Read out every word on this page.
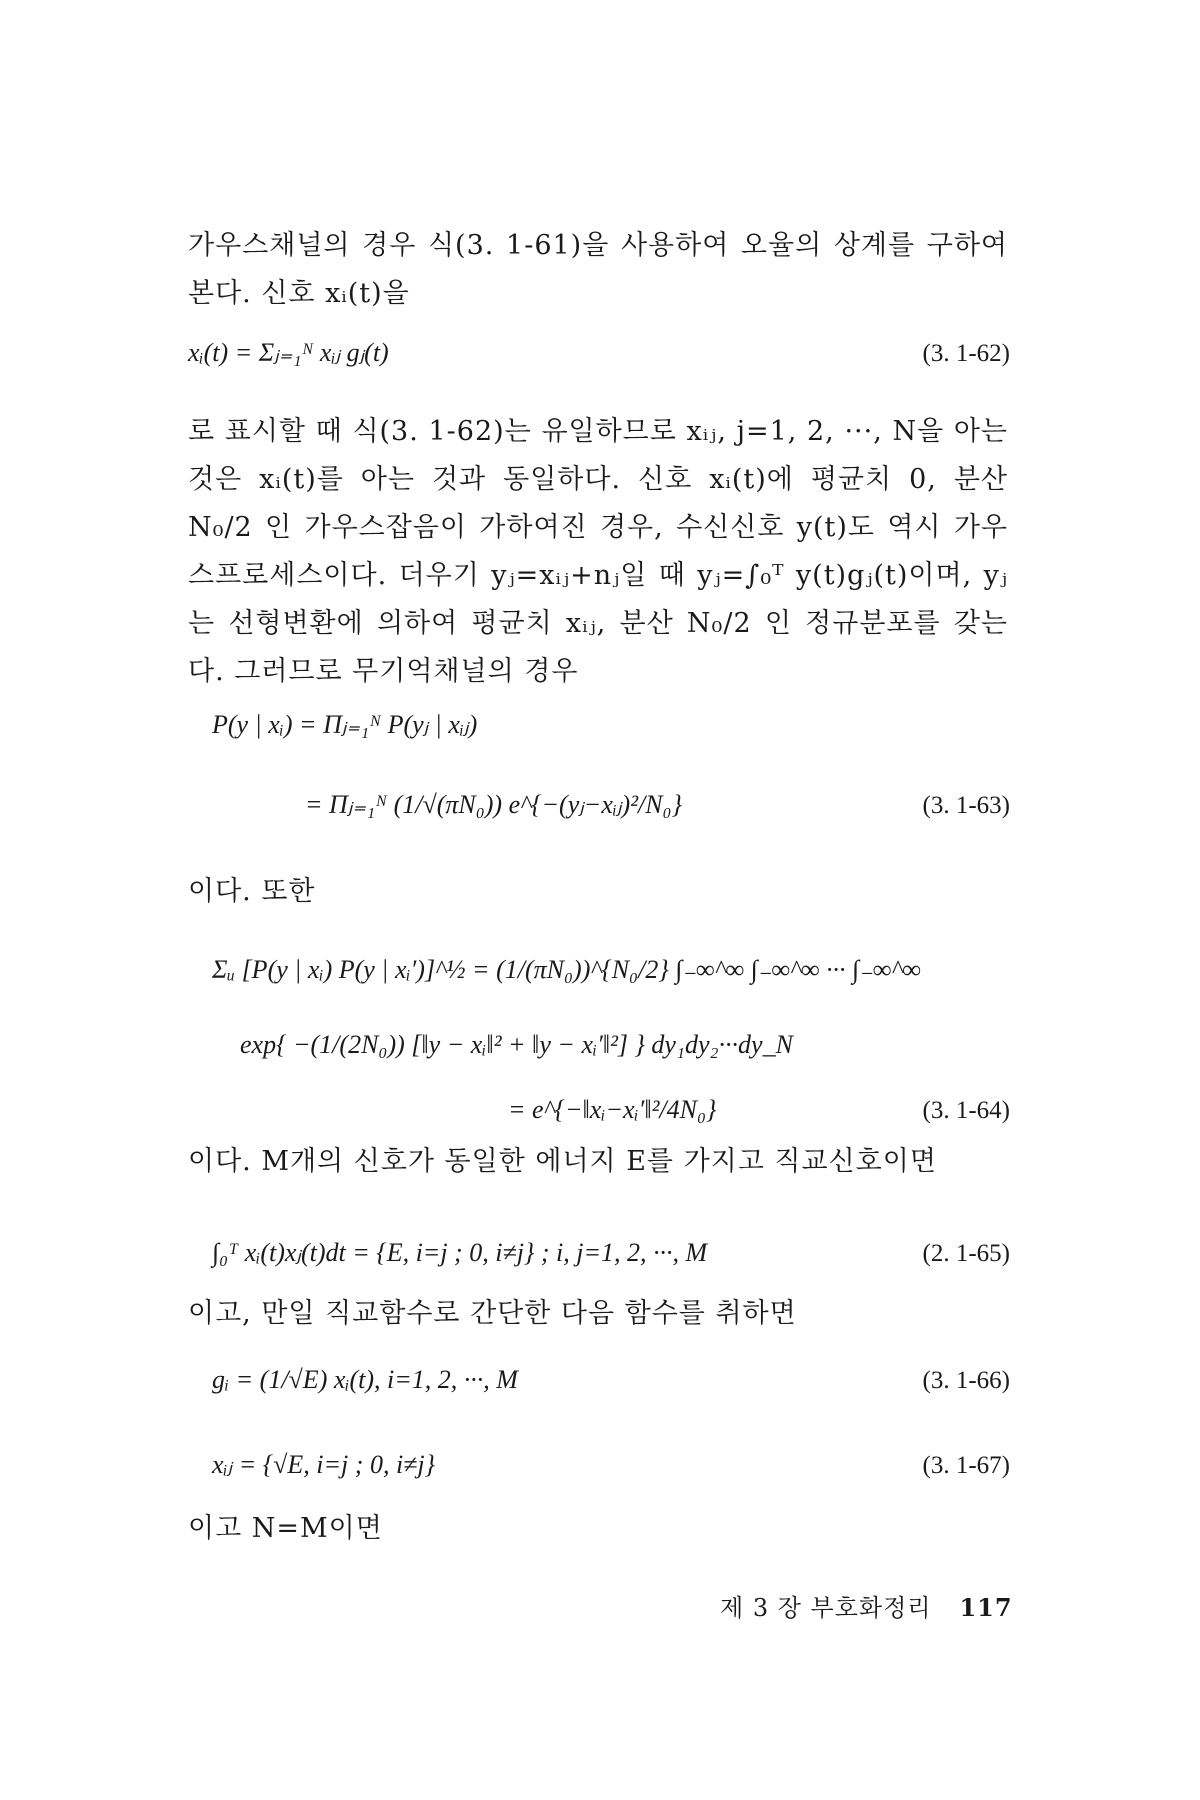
가우스채널의 경우 식(3. 1-61)을 사용하여 오율의 상계를 구하여 본다. 신호 xᵢ(t)을

xᵢ(t) = Σⱼ₌₁ᴺ xᵢⱼ gⱼ(t)	(3. 1-62)

로 표시할 때 식(3. 1-62)는 유일하므로 xᵢⱼ, j=1, 2, ···, N을 아는 것은 xᵢ(t)를 아는 것과 동일하다. 신호 xᵢ(t)에 평균치 0, 분산 N₀/2 인 가우스잡음이 가하여진 경우, 수신신호 y(t)도 역시 가우스프로세스이다. 더우기 yⱼ=xᵢⱼ+nⱼ일 때 yⱼ=∫₀ᵀ y(t)gⱼ(t)이며, yⱼ는 선형변환에 의하여 평균치 xᵢⱼ, 분산 N₀/2 인 정규분포를 갖는다. 그러므로 무기억채널의 경우

P(y | xᵢ) = Πⱼ₌₁ᴺ P(yⱼ | xᵢⱼ)
= Πⱼ₌₁ᴺ (1/√(πN₀)) e^{−(yⱼ−xᵢⱼ)²/N₀}	(3. 1-63)

이다. 또한

Σᵤ [P(y | xᵢ) P(y | xᵢ′)]^½ = (1/(πN₀))^{N₀/2} ∫₋∞^∞ ∫₋∞^∞ ··· ∫₋∞^∞
exp{ −(1/(2N₀)) [‖y − xᵢ‖² + ‖y − xᵢ′‖²] } dy₁dy₂···dy_N
= e^{−‖xᵢ−xᵢ′‖²/4N₀}	(3. 1-64)

이다. M개의 신호가 동일한 에너지 E를 가지고 직교신호이면

∫₀ᵀ xᵢ(t)xⱼ(t)dt = {E, i=j ; 0, i≠j} ; i, j=1, 2, ···, M	(2. 1-65)

이고, 만일 직교함수로 간단한 다음 함수를 취하면

gᵢ = (1/√E) xᵢ(t), i=1, 2, ···, M	(3. 1-66)
xᵢⱼ = {√E, i=j ; 0, i≠j}	(3. 1-67)

이고 N=M이면

제 3 장 부호화정리 117
